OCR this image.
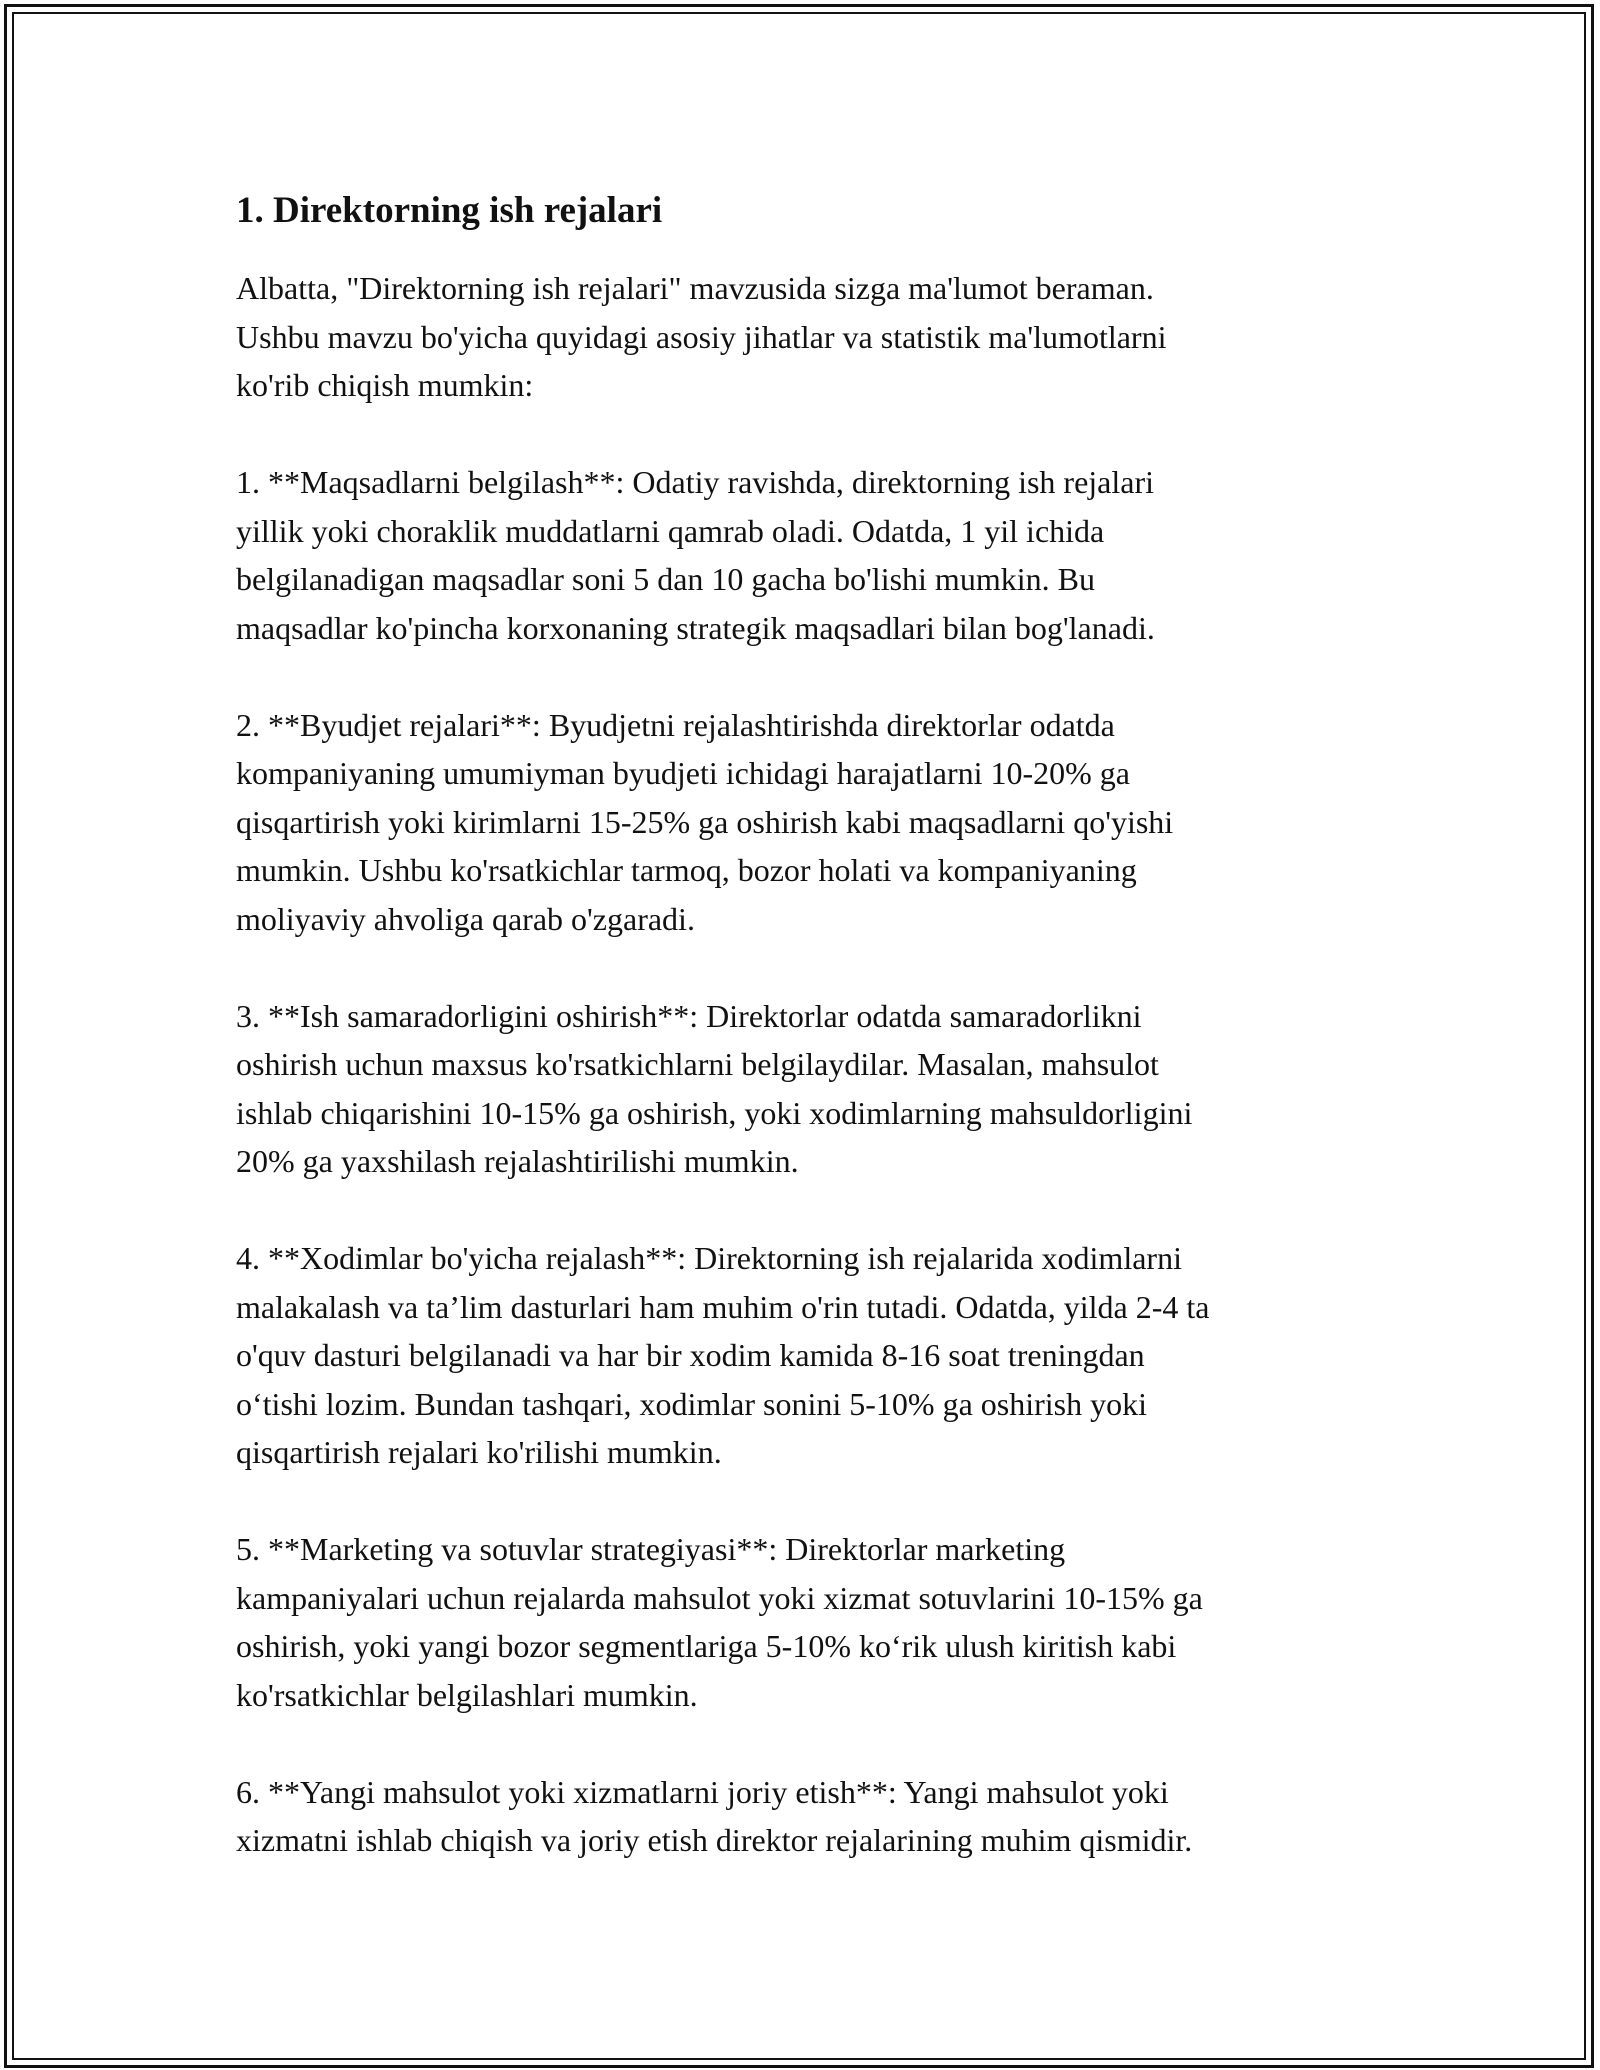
1. Direktorning ish rejalari

Albatta, "Direktorning ish rejalari" mavzusida sizga ma'lumot beraman.
Ushbu mavzu bo'yicha quyidagi asosiy jihatlar va statistik ma'lumotlarni
ko'rib chiqish mumkin:

1. **Maqsadlarni belgilash**: Odatiy ravishda, direktorning ish rejalari
yillik yoki choraklik muddatlarni qamrab oladi. Odatda, 1 yil ichida
belgilanadigan maqsadlar soni 5 dan 10 gacha bo'lishi mumkin. Bu
maqsadlar ko'pincha korxonaning strategik maqsadlari bilan bog'lanadi.

2. **Byudjet rejalari**: Byudjetni rejalashtirishda direktorlar odatda
kompaniyaning umumiyman byudjeti ichidagi harajatlarni 10-20% ga
qisqartirish yoki kirimlarni 15-25% ga oshirish kabi maqsadlarni qo'yishi
mumkin. Ushbu ko'rsatkichlar tarmoq, bozor holati va kompaniyaning
moliyaviy ahvoliga qarab o'zgaradi.

3. **Ish samaradorligini oshirish**: Direktorlar odatda samaradorlikni
oshirish uchun maxsus ko'rsatkichlarni belgilaydilar. Masalan, mahsulot
ishlab chiqarishini 10-15% ga oshirish, yoki xodimlarning mahsuldorligini
20% ga yaxshilash rejalashtirilishi mumkin.

4. **Xodimlar bo'yicha rejalash**: Direktorning ish rejalarida xodimlarni
malakalash va ta’lim dasturlari ham muhim o'rin tutadi. Odatda, yilda 2-4 ta
o'quv dasturi belgilanadi va har bir xodim kamida 8-16 soat treningdan
o‘tishi lozim. Bundan tashqari, xodimlar sonini 5-10% ga oshirish yoki
qisqartirish rejalari ko'rilishi mumkin.

5. **Marketing va sotuvlar strategiyasi**: Direktorlar marketing
kampaniyalari uchun rejalarda mahsulot yoki xizmat sotuvlarini 10-15% ga
oshirish, yoki yangi bozor segmentlariga 5-10% ko‘rik ulush kiritish kabi
ko'rsatkichlar belgilashlari mumkin.

6. **Yangi mahsulot yoki xizmatlarni joriy etish**: Yangi mahsulot yoki
xizmatni ishlab chiqish va joriy etish direktor rejalarining muhim qismidir.
